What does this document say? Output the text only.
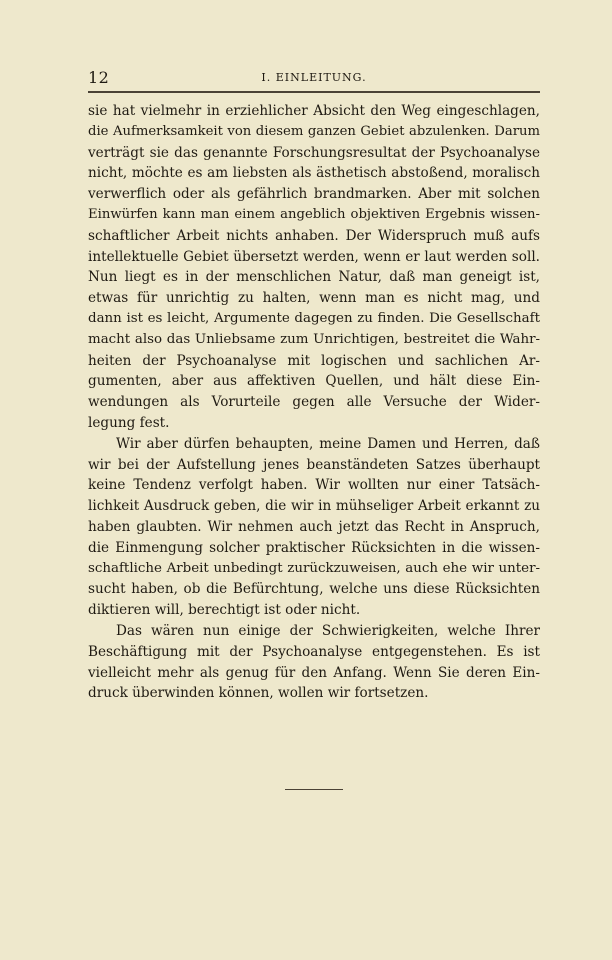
12	I. EINLEITUNG.
sie hat vielmehr in erziehlicher Absicht den Weg eingeschlagen,
die Aufmerksamkeit von diesem ganzen Gebiet abzulenken. Darum
verträgt sie das genannte Forschungsresultat der Psychoanalyse
nicht, möchte es am liebsten als ästhetisch abstoßend, moralisch
verwerflich oder als gefährlich brandmarken. Aber mit solchen
Einwürfen kann man einem angeblich objektiven Ergebnis wissen-
schaftlicher Arbeit nichts anhaben. Der Widerspruch muß aufs
intellektuelle Gebiet übersetzt werden, wenn er laut werden soll.
Nun liegt es in der menschlichen Natur, daß man geneigt ist,
etwas für unrichtig zu halten, wenn man es nicht mag, und
dann ist es leicht, Argumente dagegen zu finden. Die Gesellschaft
macht also das Unliebsame zum Unrichtigen, bestreitet die Wahr-
heiten der Psychoanalyse mit logischen und sachlichen Ar-
gumenten, aber aus affektiven Quellen, und hält diese Ein-
wendungen als Vorurteile gegen alle Versuche der Wider-
legung fest.
Wir aber dürfen behaupten, meine Damen und Herren, daß
wir bei der Aufstellung jenes beanständeten Satzes überhaupt
keine Tendenz verfolgt haben. Wir wollten nur einer Tatsäch-
lichkeit Ausdruck geben, die wir in mühseliger Arbeit erkannt zu
haben glaubten. Wir nehmen auch jetzt das Recht in Anspruch,
die Einmengung solcher praktischer Rücksichten in die wissen-
schaftliche Arbeit unbedingt zurückzuweisen, auch ehe wir unter-
sucht haben, ob die Befürchtung, welche uns diese Rücksichten
diktieren will, berechtigt ist oder nicht.
Das wären nun einige der Schwierigkeiten, welche Ihrer
Beschäftigung mit der Psychoanalyse entgegenstehen. Es ist
vielleicht mehr als genug für den Anfang. Wenn Sie deren Ein-
druck überwinden können, wollen wir fortsetzen.
